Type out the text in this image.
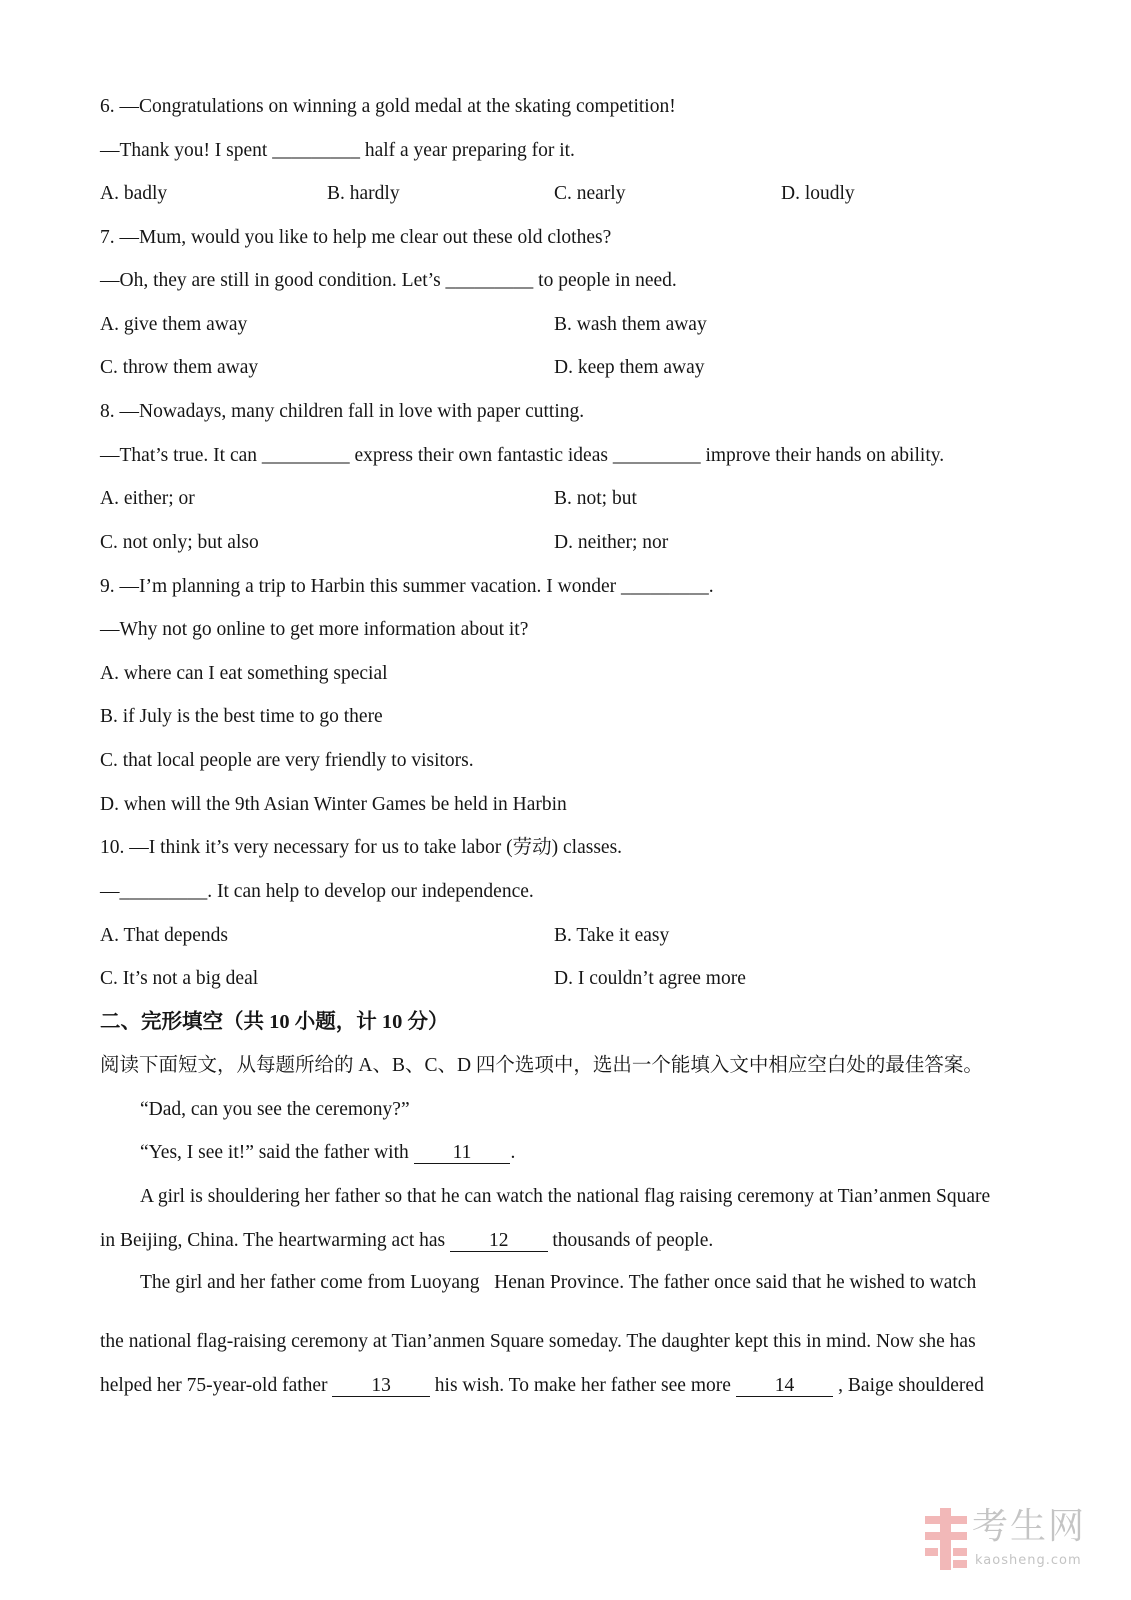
6. —Congratulations on winning a gold medal at the skating competition!
—Thank you! I spent _________ half a year preparing for it.
A. badly	B. hardly	C. nearly	D. loudly
7. —Mum, would you like to help me clear out these old clothes?
—Oh, they are still in good condition. Let’s _________ to people in need.
A. give them away	B. wash them away
C. throw them away	D. keep them away
8. —Nowadays, many children fall in love with paper cutting.
—That’s true. It can _________ express their own fantastic ideas _________ improve their hands on ability.
A. either; or	B. not; but
C. not only; but also	D. neither; nor
9. —I’m planning a trip to Harbin this summer vacation. I wonder _________.
—Why not go online to get more information about it?
A. where can I eat something special
B. if July is the best time to go there
C. that local people are very friendly to visitors.
D. when will the 9th Asian Winter Games be held in Harbin
10. —I think it’s very necessary for us to take labor (劳动) classes.
—_________. It can help to develop our independence.
A. That depends	B. Take it easy
C. It’s not a big deal	D. I couldn’t agree more
二、完形填空（共 10 小题，计 10 分）
阅读下面短文，从每题所给的 A、B、C、D 四个选项中，选出一个能填入文中相应空白处的最佳答案。
“Dad, can you see the ceremony?”
“Yes, I see it!” said the father with 11 .
A girl is shouldering her father so that he can watch the national flag raising ceremony at Tian’anmen Square
in Beijing, China. The heartwarming act has 12 thousands of people.
The girl and her father come from Luoyang   Henan Province. The father once said that he wished to watch
the national flag-raising ceremony at Tian’anmen Square someday. The daughter kept this in mind. Now she has
helped her 75-year-old father 13 his wish. To make her father see more 14 , Baige shouldered
考生网
kaosheng.com
